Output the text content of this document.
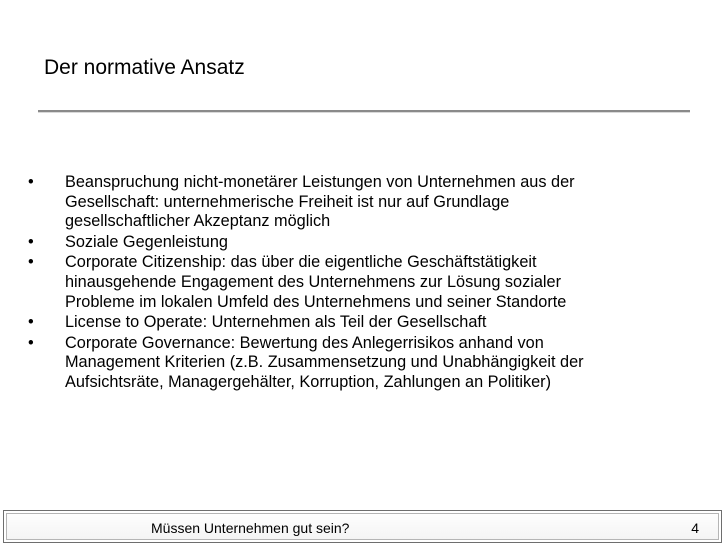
Der normative Ansatz
•	Beanspruchung nicht-monetärer Leistungen von Unternehmen aus der
Gesellschaft: unternehmerische Freiheit ist nur auf Grundlage
gesellschaftlicher Akzeptanz möglich
•	Soziale Gegenleistung
•	Corporate Citizenship: das über die eigentliche Geschäftstätigkeit
hinausgehende Engagement des Unternehmens zur Lösung sozialer
Probleme im lokalen Umfeld des Unternehmens und seiner Standorte
•	License to Operate: Unternehmen als Teil der Gesellschaft
•	Corporate Governance: Bewertung des Anlegerrisikos anhand von
Management Kriterien (z.B. Zusammensetzung und Unabhängigkeit der
Aufsichtsräte, Managergehälter, Korruption, Zahlungen an Politiker)
Müssen Unternehmen gut sein?	4
